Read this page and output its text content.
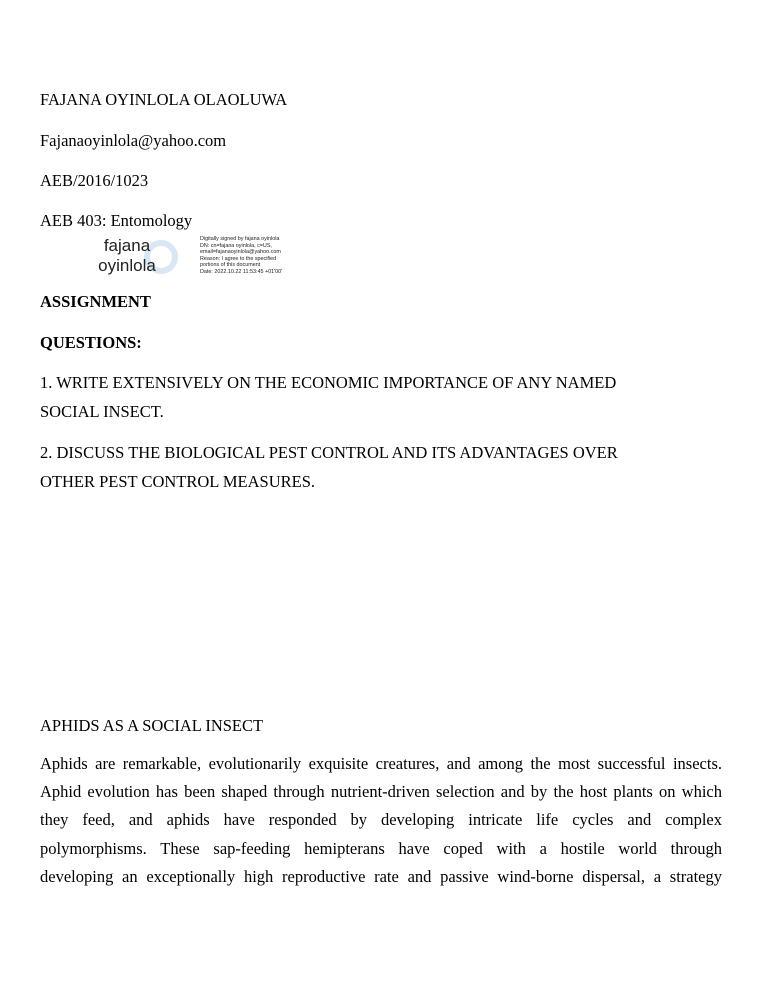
FAJANA OYINLOLA OLAOLUWA
Fajanaoyinlola@yahoo.com
AEB/2016/1023
AEB 403: Entomology
fajana
oyinlola
Digitally signed by fajana oyinlola
DN: cn=fajana oyinlola, c=US,
email=fajanaoyinlola@yahoo.com
Reason: I agree to the specified
portions of this document
Date: 2022.10.22 11:53:45 +01'00'
ASSIGNMENT
QUESTIONS:
1. WRITE EXTENSIVELY ON THE ECONOMIC IMPORTANCE OF ANY NAMED
SOCIAL INSECT.
2. DISCUSS THE BIOLOGICAL PEST CONTROL AND ITS ADVANTAGES OVER
OTHER PEST CONTROL MEASURES.
APHIDS AS A SOCIAL INSECT
Aphids are remarkable, evolutionarily exquisite creatures, and among the most successful insects.
Aphid evolution has been shaped through nutrient-driven selection and by the host plants on which
they feed, and aphids have responded by developing intricate life cycles and complex
polymorphisms. These sap-feeding hemipterans have coped with a hostile world through
developing an exceptionally high reproductive rate and passive wind-borne dispersal, a strategy
